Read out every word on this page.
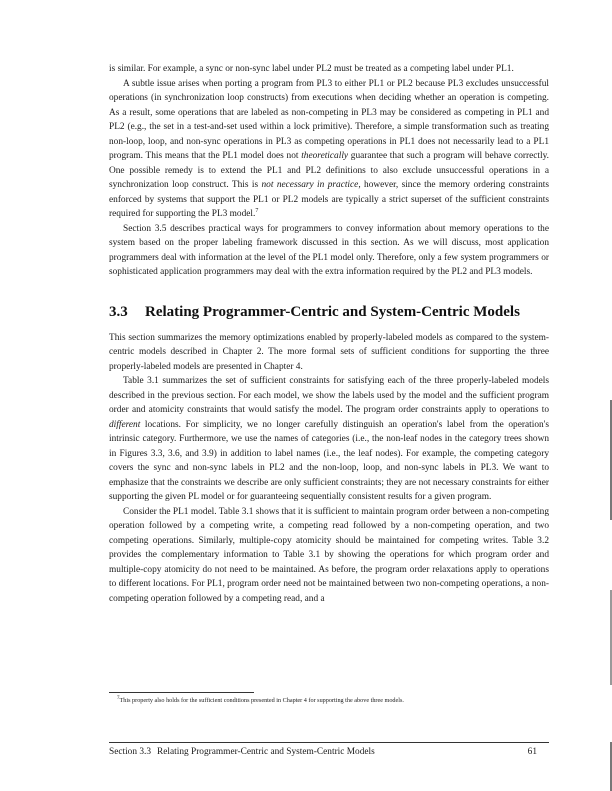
is similar. For example, a sync or non-sync label under PL2 must be treated as a competing label under PL1.

A subtle issue arises when porting a program from PL3 to either PL1 or PL2 because PL3 excludes unsuccessful operations (in synchronization loop constructs) from executions when deciding whether an operation is competing. As a result, some operations that are labeled as non-competing in PL3 may be considered as competing in PL1 and PL2 (e.g., the set in a test-and-set used within a lock primitive). Therefore, a simple transformation such as treating non-loop, loop, and non-sync operations in PL3 as competing operations in PL1 does not necessarily lead to a PL1 program. This means that the PL1 model does not theoretically guarantee that such a program will behave correctly. One possible remedy is to extend the PL1 and PL2 definitions to also exclude unsuccessful operations in a synchronization loop construct. This is not necessary in practice, however, since the memory ordering constraints enforced by systems that support the PL1 or PL2 models are typically a strict superset of the sufficient constraints required for supporting the PL3 model.$^7$

Section 3.5 describes practical ways for programmers to convey information about memory operations to the system based on the proper labeling framework discussed in this section. As we will discuss, most application programmers deal with information at the level of the PL1 model only. Therefore, only a few system programmers or sophisticated application programmers may deal with the extra information required by the PL2 and PL3 models.

3.3 Relating Programmer-Centric and System-Centric Models

This section summarizes the memory optimizations enabled by properly-labeled models as compared to the system-centric models described in Chapter 2. The more formal sets of sufficient conditions for supporting the three properly-labeled models are presented in Chapter 4.

Table 3.1 summarizes the set of sufficient constraints for satisfying each of the three properly-labeled models described in the previous section. For each model, we show the labels used by the model and the sufficient program order and atomicity constraints that would satisfy the model. The program order constraints apply to operations to different locations. For simplicity, we no longer carefully distinguish an operation's label from the operation's intrinsic category. Furthermore, we use the names of categories (i.e., the non-leaf nodes in the category trees shown in Figures 3.3, 3.6, and 3.9) in addition to label names (i.e., the leaf nodes). For example, the competing category covers the sync and non-sync labels in PL2 and the non-loop, loop, and non-sync labels in PL3. We want to emphasize that the constraints we describe are only sufficient constraints; they are not necessary constraints for either supporting the given PL model or for guaranteeing sequentially consistent results for a given program.

Consider the PL1 model. Table 3.1 shows that it is sufficient to maintain program order between a non-competing operation followed by a competing write, a competing read followed by a non-competing operation, and two competing operations. Similarly, multiple-copy atomicity should be maintained for competing writes. Table 3.2 provides the complementary information to Table 3.1 by showing the operations for which program order and multiple-copy atomicity do not need to be maintained. As before, the program order relaxations apply to operations to different locations. For PL1, program order need not be maintained between two non-competing operations, a non-competing operation followed by a competing read, and a

$^7$This property also holds for the sufficient conditions presented in Chapter 4 for supporting the above three models.
Section 3.3 Relating Programmer-Centric and System-Centric Models	61
